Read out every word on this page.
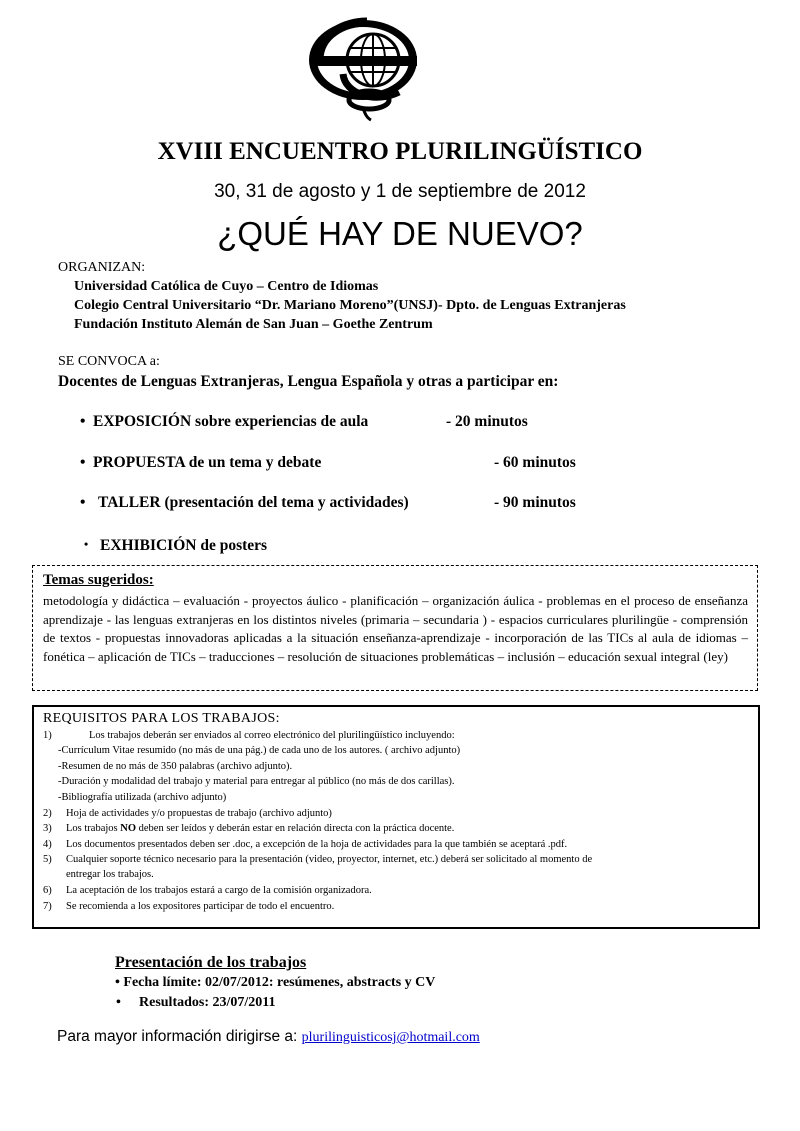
XVIII ENCUENTRO PLURILINGÜÍSTICO
30, 31 de agosto y 1 de septiembre de 2012
¿QUÉ HAY DE NUEVO?
ORGANIZAN:
Universidad Católica de Cuyo – Centro de Idiomas
Colegio Central Universitario “Dr. Mariano Moreno”(UNSJ)- Dpto. de Lenguas Extranjeras
Fundación Instituto Alemán de San Juan – Goethe Zentrum
SE CONVOCA a:
Docentes de Lenguas Extranjeras, Lengua Española y otras a participar en:
• EXPOSICIÓN sobre experiencias de aula	- 20 minutos
• PROPUESTA de un tema y debate	- 60 minutos
• TALLER (presentación del tema y actividades)	- 90 minutos
• EXHIBICIÓN de posters
Temas sugeridos:
metodología y didáctica – evaluación - proyectos áulico - planificación – organización áulica - problemas en el proceso de enseñanza aprendizaje - las lenguas extranjeras en los distintos niveles (primaria – secundaria ) - espacios curriculares plurilingüe - comprensión de textos - propuestas innovadoras aplicadas a la situación enseñanza-aprendizaje - incorporación de las TICs al aula de idiomas – fonética – aplicación de TICs – traducciones – resolución de situaciones problemáticas – inclusión – educación sexual integral (ley)
REQUISITOS PARA LOS TRABAJOS:
1)	Los trabajos deberán ser enviados al correo electrónico del plurilingüístico incluyendo:
-Currículum Vitae resumido (no más de una pág.) de cada uno de los autores. ( archivo adjunto)
-Resumen de no más de 350 palabras (archivo adjunto).
-Duración y modalidad del trabajo y material para entregar al público (no más de dos carillas).
-Bibliografía utilizada (archivo adjunto)
2) Hoja de actividades y/o propuestas de trabajo (archivo adjunto)
3) Los trabajos NO deben ser leídos y deberán estar en relación directa con la práctica docente.
4) Los documentos presentados deben ser .doc, a excepción de la hoja de actividades para la que también se aceptará .pdf.
5) Cualquier soporte técnico necesario para la presentación (video, proyector, internet, etc.) deberá ser solicitado al momento de
entregar los trabajos.
6) La aceptación de los trabajos estará a cargo de la comisión organizadora.
7) Se recomienda a los expositores participar de todo el encuentro.
Presentación de los trabajos
• Fecha límite: 02/07/2012: resúmenes, abstracts y CV
• Resultados: 23/07/2011
Para mayor información dirigirse a: plurilinguisticosj@hotmail.com
